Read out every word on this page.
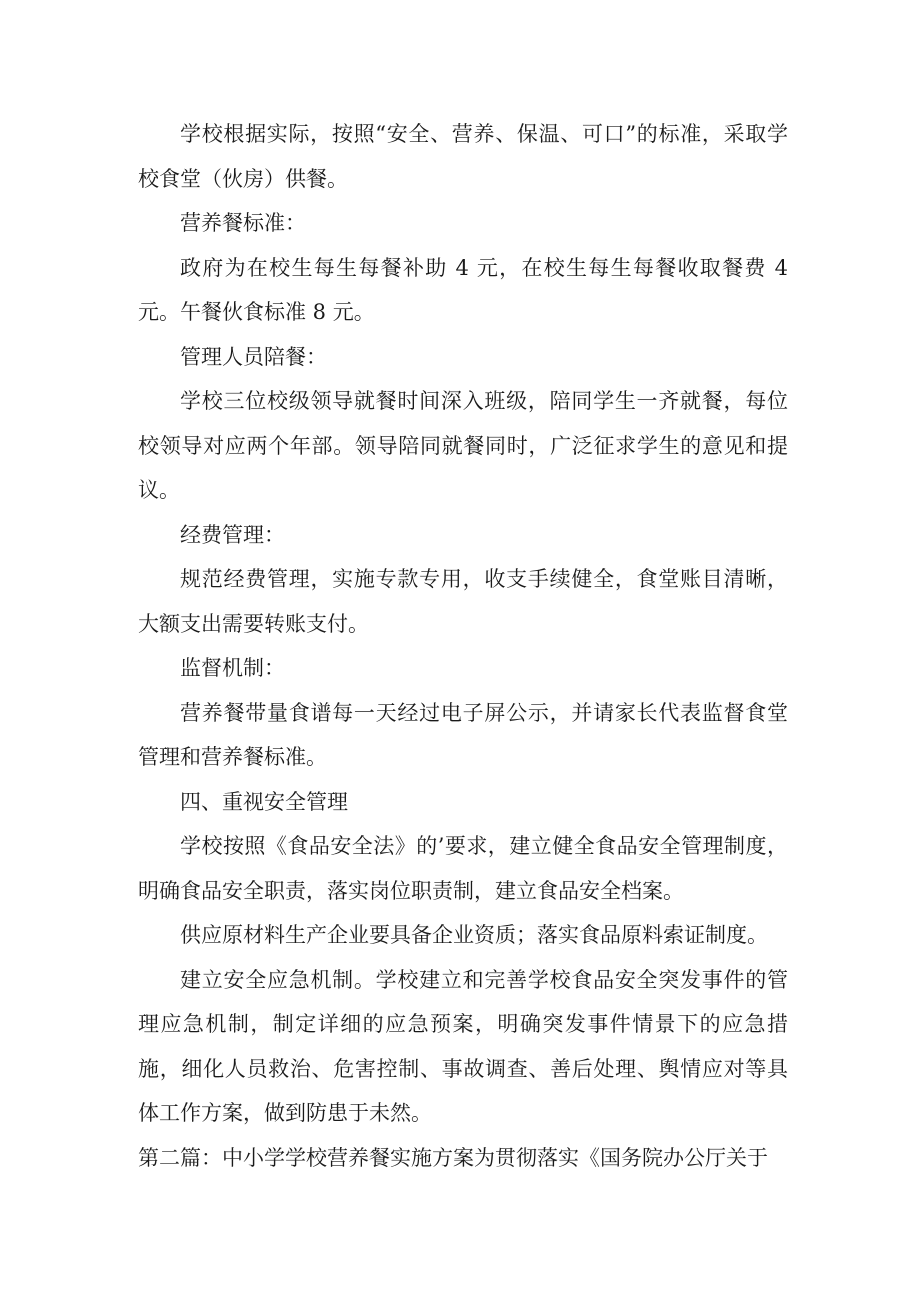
学校根据实际，按照“安全、营养、保温、可口”的标准，采取学校食堂（伙房）供餐。

营养餐标准：

政府为在校生每生每餐补助 4 元，在校生每生每餐收取餐费 4 元。午餐伙食标准 8 元。

管理人员陪餐：

学校三位校级领导就餐时间深入班级，陪同学生一齐就餐，每位校领导对应两个年部。领导陪同就餐同时，广泛征求学生的意见和提议。

经费管理：

规范经费管理，实施专款专用，收支手续健全，食堂账目清晰，大额支出需要转账支付。

监督机制：

营养餐带量食谱每一天经过电子屏公示，并请家长代表监督食堂管理和营养餐标准。

四、重视安全管理

学校按照《食品安全法》的’要求，建立健全食品安全管理制度，明确食品安全职责，落实岗位职责制，建立食品安全档案。

供应原材料生产企业要具备企业资质；落实食品原料索证制度。

建立安全应急机制。学校建立和完善学校食品安全突发事件的管理应急机制，制定详细的应急预案，明确突发事件情景下的应急措施，细化人员救治、危害控制、事故调查、善后处理、舆情应对等具体工作方案，做到防患于未然。

第二篇：中小学学校营养餐实施方案为贯彻落实《国务院办公厅关于
